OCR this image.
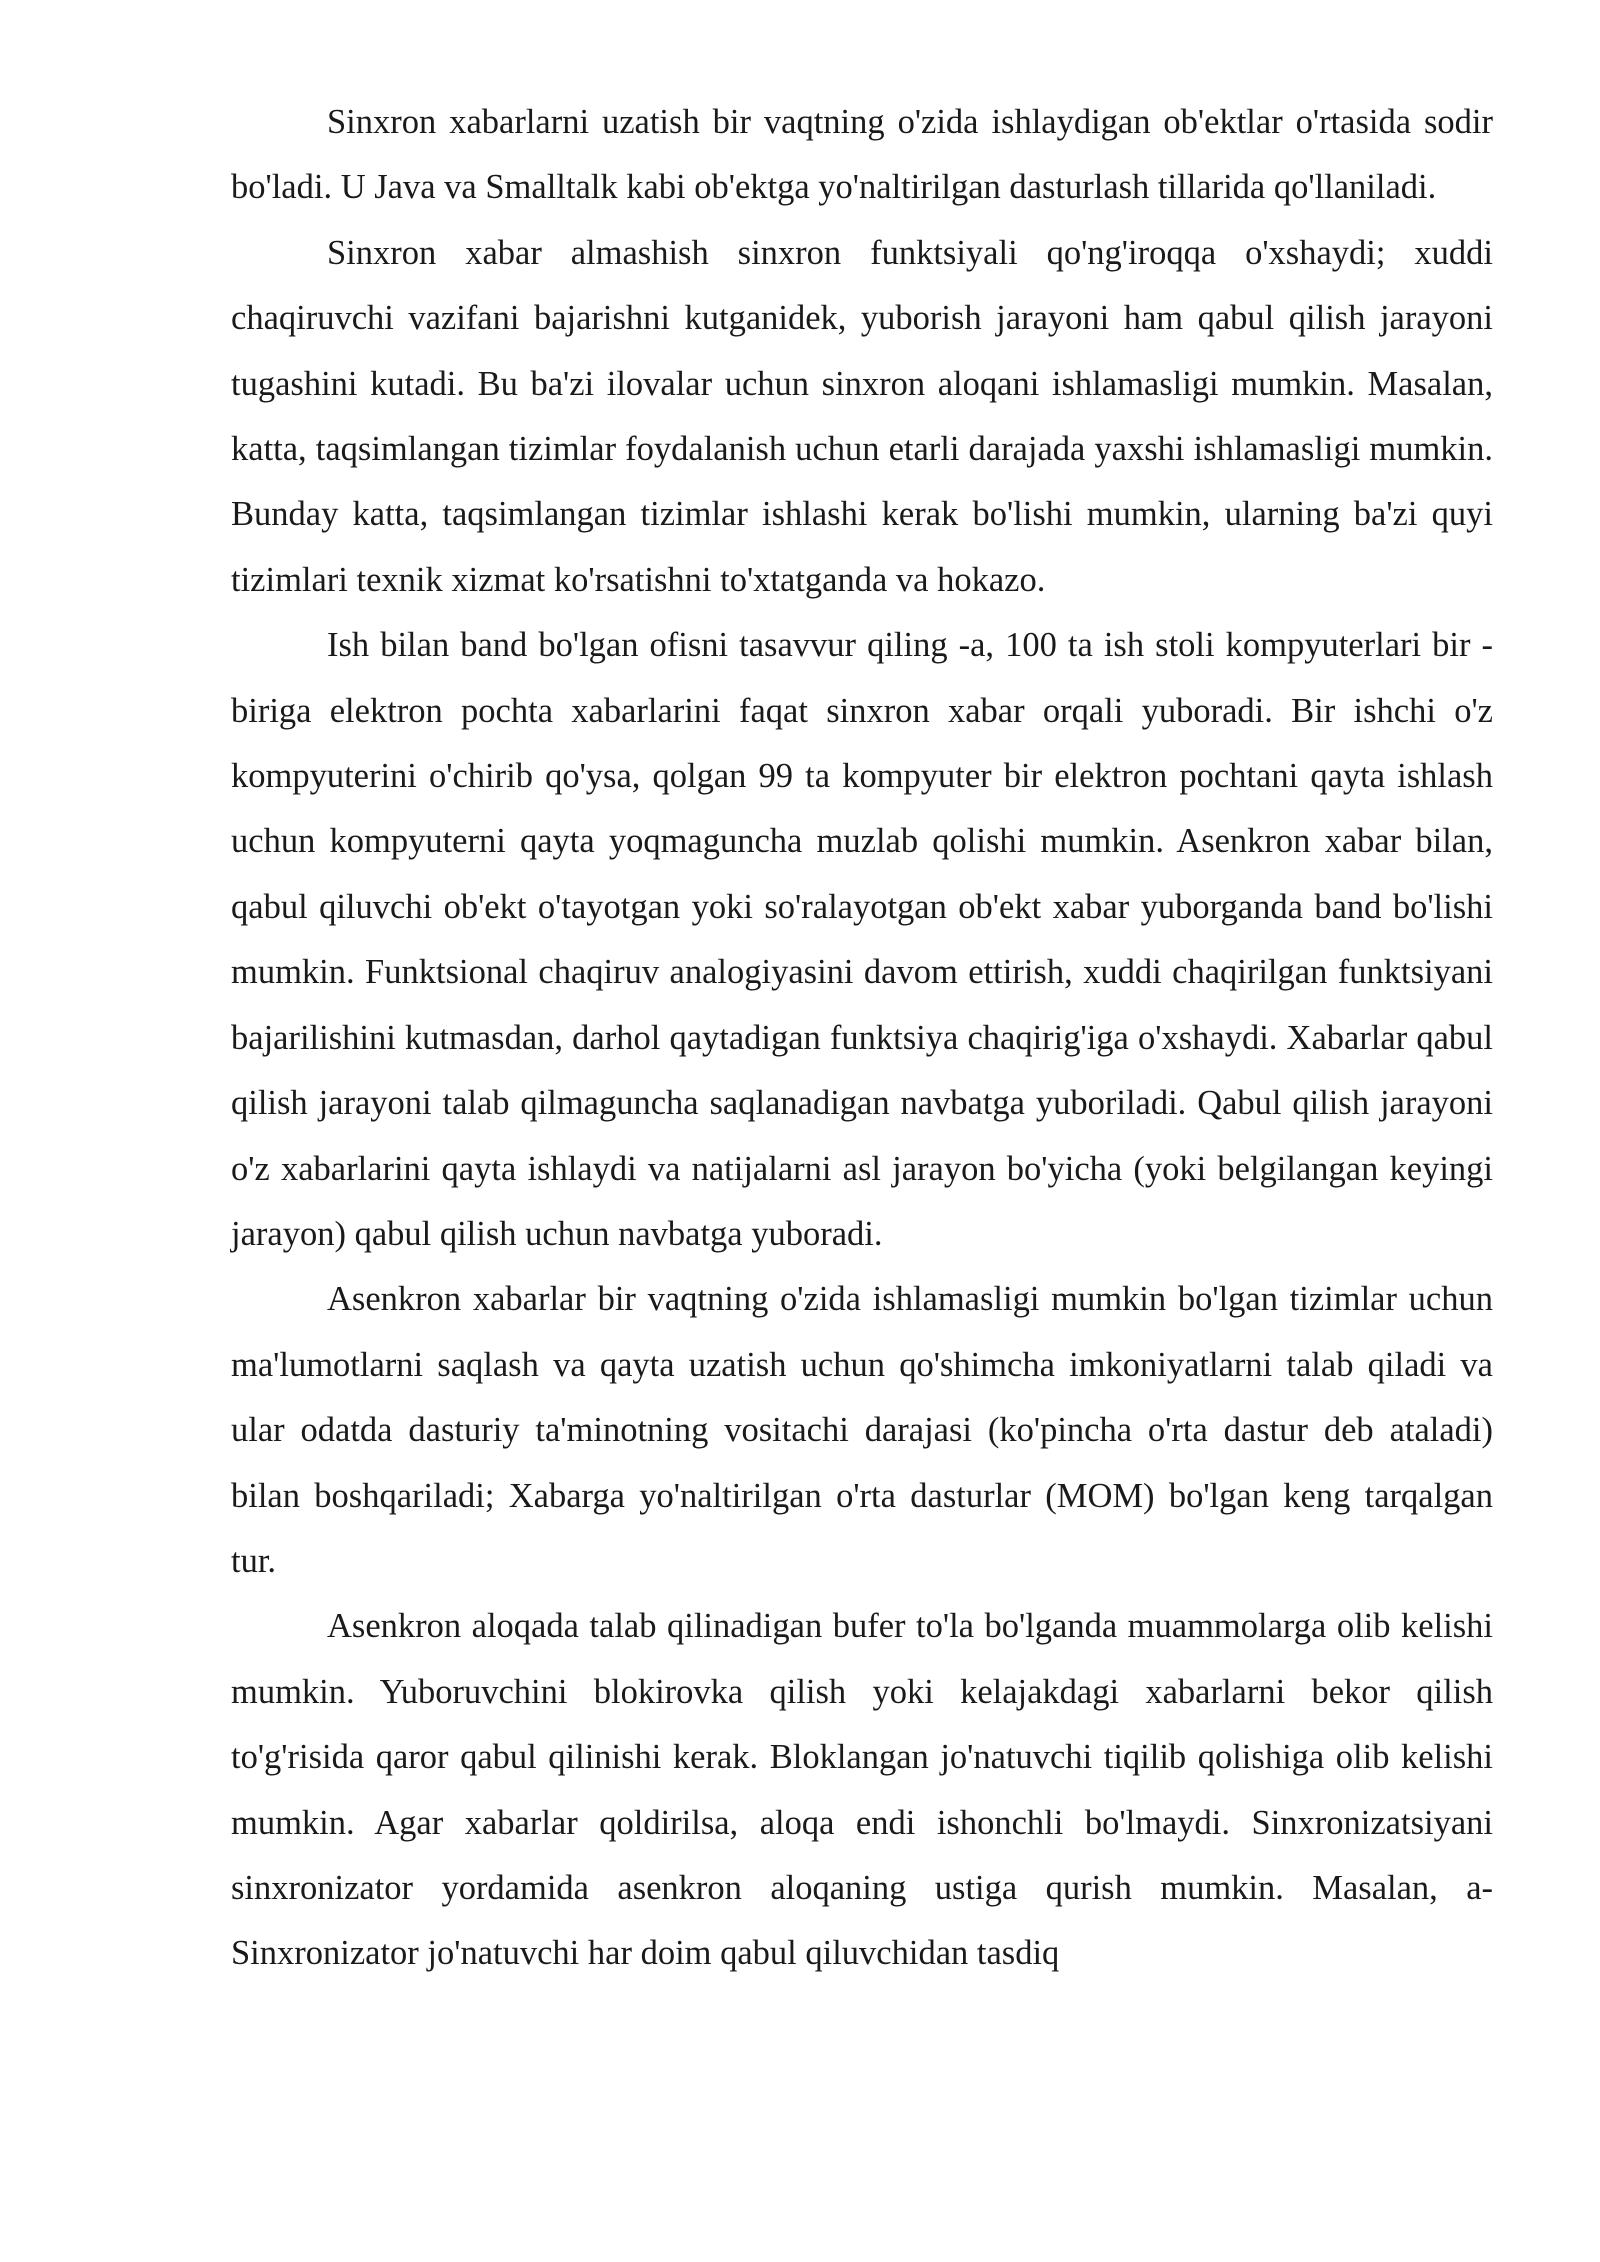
Sinxron xabarlarni uzatish bir vaqtning o'zida ishlaydigan ob'ektlar o'rtasida sodir bo'ladi. U Java va Smalltalk kabi ob'ektga yo'naltirilgan dasturlash tillarida qo'llaniladi.

Sinxron xabar almashish sinxron funktsiyali qo'ng'iroqqa o'xshaydi; xuddi chaqiruvchi vazifani bajarishni kutganidek, yuborish jarayoni ham qabul qilish jarayoni tugashini kutadi. Bu ba'zi ilovalar uchun sinxron aloqani ishlamasligi mumkin. Masalan, katta, taqsimlangan tizimlar foydalanish uchun etarli darajada yaxshi ishlamasligi mumkin. Bunday katta, taqsimlangan tizimlar ishlashi kerak bo'lishi mumkin, ularning ba'zi quyi tizimlari texnik xizmat ko'rsatishni to'xtatganda va hokazo.

Ish bilan band bo'lgan ofisni tasavvur qiling -a, 100 ta ish stoli kompyuterlari bir -biriga elektron pochta xabarlarini faqat sinxron xabar orqali yuboradi. Bir ishchi o'z kompyuterini o'chirib qo'ysa, qolgan 99 ta kompyuter bir elektron pochtani qayta ishlash uchun kompyuterni qayta yoqmaguncha muzlab qolishi mumkin. Asenkron xabar bilan, qabul qiluvchi ob'ekt o'tayotgan yoki so'ralayotgan ob'ekt xabar yuborganda band bo'lishi mumkin. Funktsional chaqiruv analogiyasini davom ettirish, xuddi chaqirilgan funktsiyani bajarilishini kutmasdan, darhol qaytadigan funktsiya chaqirig'iga o'xshaydi. Xabarlar qabul qilish jarayoni talab qilmaguncha saqlanadigan navbatga yuboriladi. Qabul qilish jarayoni o'z xabarlarini qayta ishlaydi va natijalarni asl jarayon bo'yicha (yoki belgilangan keyingi jarayon) qabul qilish uchun navbatga yuboradi.

Asenkron xabarlar bir vaqtning o'zida ishlamasligi mumkin bo'lgan tizimlar uchun ma'lumotlarni saqlash va qayta uzatish uchun qo'shimcha imkoniyatlarni talab qiladi va ular odatda dasturiy ta'minotning vositachi darajasi (ko'pincha o'rta dastur deb ataladi) bilan boshqariladi; Xabarga yo'naltirilgan o'rta dasturlar (MOM) bo'lgan keng tarqalgan tur.

Asenkron aloqada talab qilinadigan bufer to'la bo'lganda muammolarga olib kelishi mumkin. Yuboruvchini blokirovka qilish yoki kelajakdagi xabarlarni bekor qilish to'g'risida qaror qabul qilinishi kerak. Bloklangan jo'natuvchi tiqilib qolishiga olib kelishi mumkin. Agar xabarlar qoldirilsa, aloqa endi ishonchli bo'lmaydi. Sinxronizatsiyani sinxronizator yordamida asenkron aloqaning ustiga qurish mumkin. Masalan, a-Sinxronizator jo'natuvchi har doim qabul qiluvchidan tasdiq
